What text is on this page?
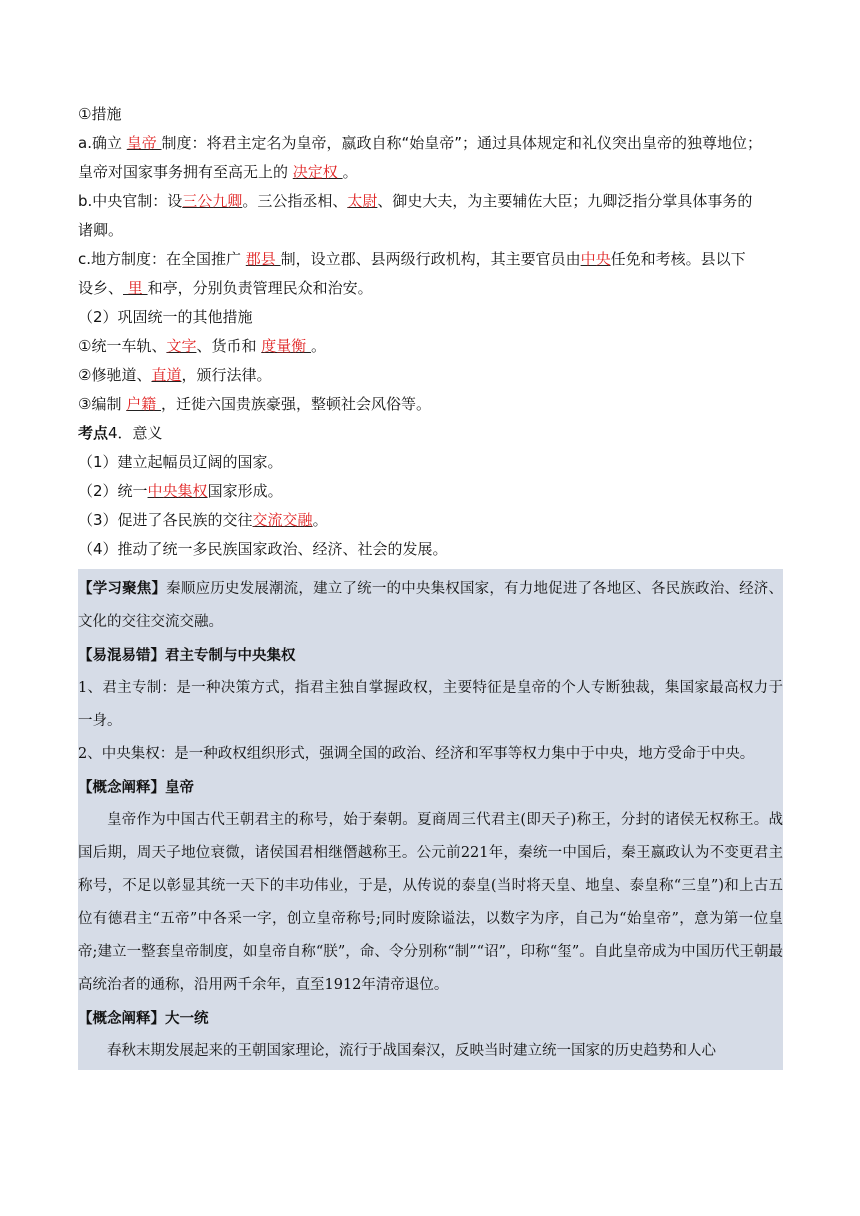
①措施
a.确立 皇帝 制度：将君主定名为皇帝，嬴政自称“始皇帝”；通过具体规定和礼仪突出皇帝的独尊地位；
皇帝对国家事务拥有至高无上的 决定权 。
b.中央官制：设三公九卿。三公指丞相、太尉、御史大夫，为主要辅佐大臣；九卿泛指分掌具体事务的
诸卿。
c.地方制度：在全国推广 郡县 制，设立郡、县两级行政机构，其主要官员由中央任免和考核。县以下
设乡、 里 和亭，分别负责管理民众和治安。
（2）巩固统一的其他措施
①统一车轨、文字、货币和 度量衡 。
②修驰道、直道，颁行法律。
③编制 户籍 ，迁徙六国贵族豪强，整顿社会风俗等。
考点4．意义
（1）建立起幅员辽阔的国家。
（2）统一中央集权国家形成。
（3）促进了各民族的交往交流交融。
（4）推动了统一多民族国家政治、经济、社会的发展。
【学习聚焦】秦顺应历史发展潮流，建立了统一的中央集权国家，有力地促进了各地区、各民族政治、经济、文化的交往交流交融。
【易混易错】君主专制与中央集权
1、君主专制：是一种决策方式，指君主独自掌握政权，主要特征是皇帝的个人专断独裁，集国家最高权力于一身。
2、中央集权：是一种政权组织形式，强调全国的政治、经济和军事等权力集中于中央，地方受命于中央。
【概念阐释】皇帝
皇帝作为中国古代王朝君主的称号，始于秦朝。夏商周三代君主(即天子)称王，分封的诸侯无权称王。战国后期，周天子地位衰微，诸侯国君相继僭越称王。公元前221年，秦统一中国后，秦王嬴政认为不变更君主称号，不足以彰显其统一天下的丰功伟业，于是，从传说的泰皇(当时将天皇、地皇、泰皇称“三皇”)和上古五位有德君主“五帝”中各采一字，创立皇帝称号;同时废除谥法，以数字为序，自己为“始皇帝”，意为第一位皇帝;建立一整套皇帝制度，如皇帝自称“朕”，命、令分别称“制”“诏”，印称“玺”。自此皇帝成为中国历代王朝最高统治者的通称，沿用两千余年，直至1912年清帝退位。
【概念阐释】大一统
春秋末期发展起来的王朝国家理论，流行于战国秦汉，反映当时建立统一国家的历史趋势和人心
